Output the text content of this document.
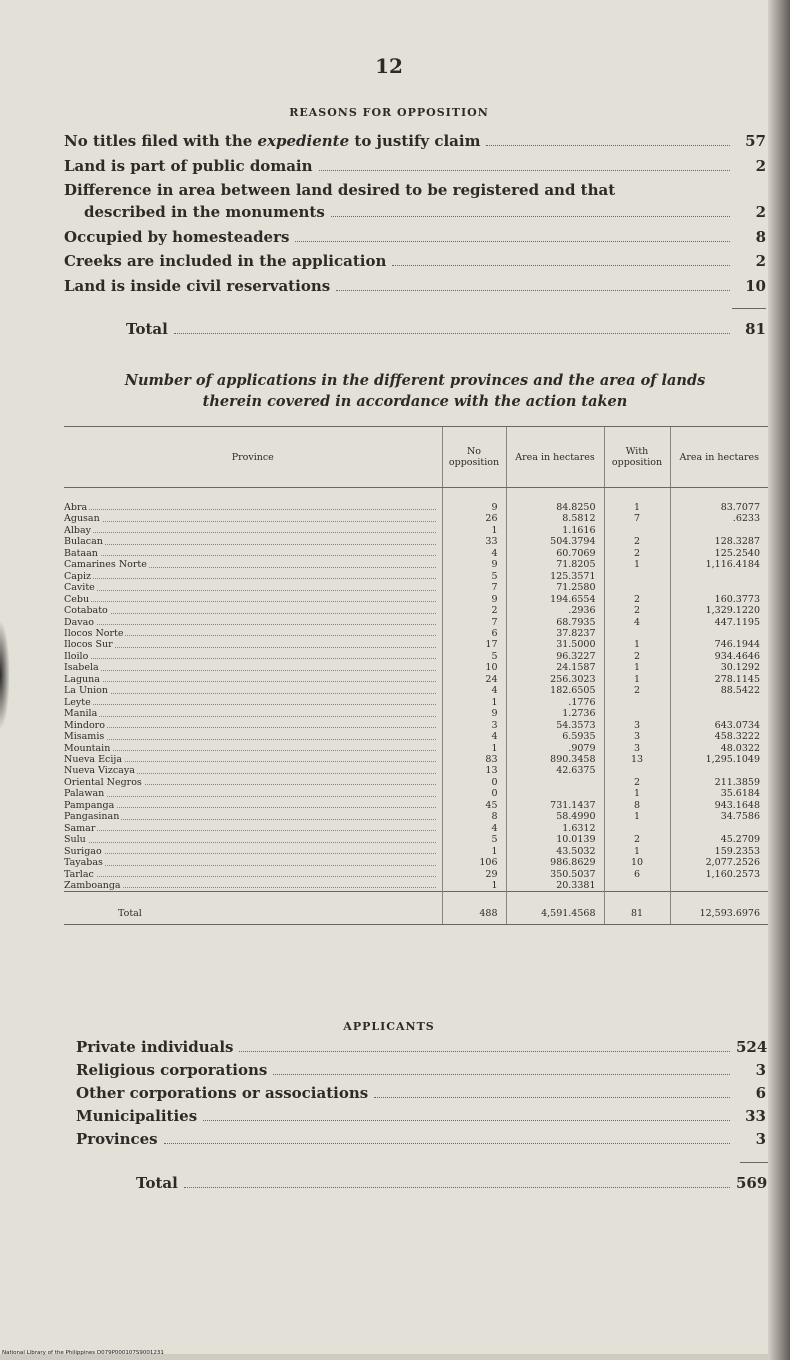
12
REASONS FOR OPPOSITION
No titles filed with the expediente to justify claim	57
Land is part of public domain	2
Difference in area between land desired to be registered and that
described in the monuments	2
Occupied by homesteaders	8
Creeks are included in the application	2
Land is inside civil reservations	10
Total	81
Number of applications in the different provinces and the area of lands
therein covered in accordance with the action taken
Province	No opposition	Area in hectares	With opposition	Area in hectares
Abra	9	84.8250	1	83.7077
Agusan	26	8.5812	7	.6233
Albay	1	1.1616		
Bulacan	33	504.3794	2	128.3287
Bataan	4	60.7069	2	125.2540
Camarines Norte	9	71.8205	1	1,116.4184
Capiz	5	125.3571		
Cavite	7	71.2580		
Cebu	9	194.6554	2	160.3773
Cotabato	2	.2936	2	1,329.1220
Davao	7	68.7935	4	447.1195
Ilocos Norte	6	37.8237		
Ilocos Sur	17	31.5000	1	746.1944
Iloilo	5	96.3227	2	934.4646
Isabela	10	24.1587	1	30.1292
Laguna	24	256.3023	1	278.1145
La Union	4	182.6505	2	88.5422
Leyte	1	.1776		
Manila	9	1.2736		
Mindoro	3	54.3573	3	643.0734
Misamis	4	6.5935	3	458.3222
Mountain	1	.9079	3	48.0322
Nueva Ecija	83	890.3458	13	1,295.1049
Nueva Vizcaya	13	42.6375		
Oriental Negros	0		2	211.3859
Palawan	0		1	35.6184
Pampanga	45	731.1437	8	943.1648
Pangasinan	8	58.4990	1	34.7586
Samar	4	1.6312		
Sulu	5	10.0139	2	45.2709
Surigao	1	43.5032	1	159.2353
Tayabas	106	986.8629	10	2,077.2526
Tarlac	29	350.5037	6	1,160.2573
Zamboanga	1	20.3381		
Total	488	4,591.4568	81	12,593.6976
APPLICANTS
Private individuals	524
Religious corporations	3
Other corporations or associations	6
Municipalities	33
Provinces	3
Total	569
National Library of the Philippines D079P000107S9001231
